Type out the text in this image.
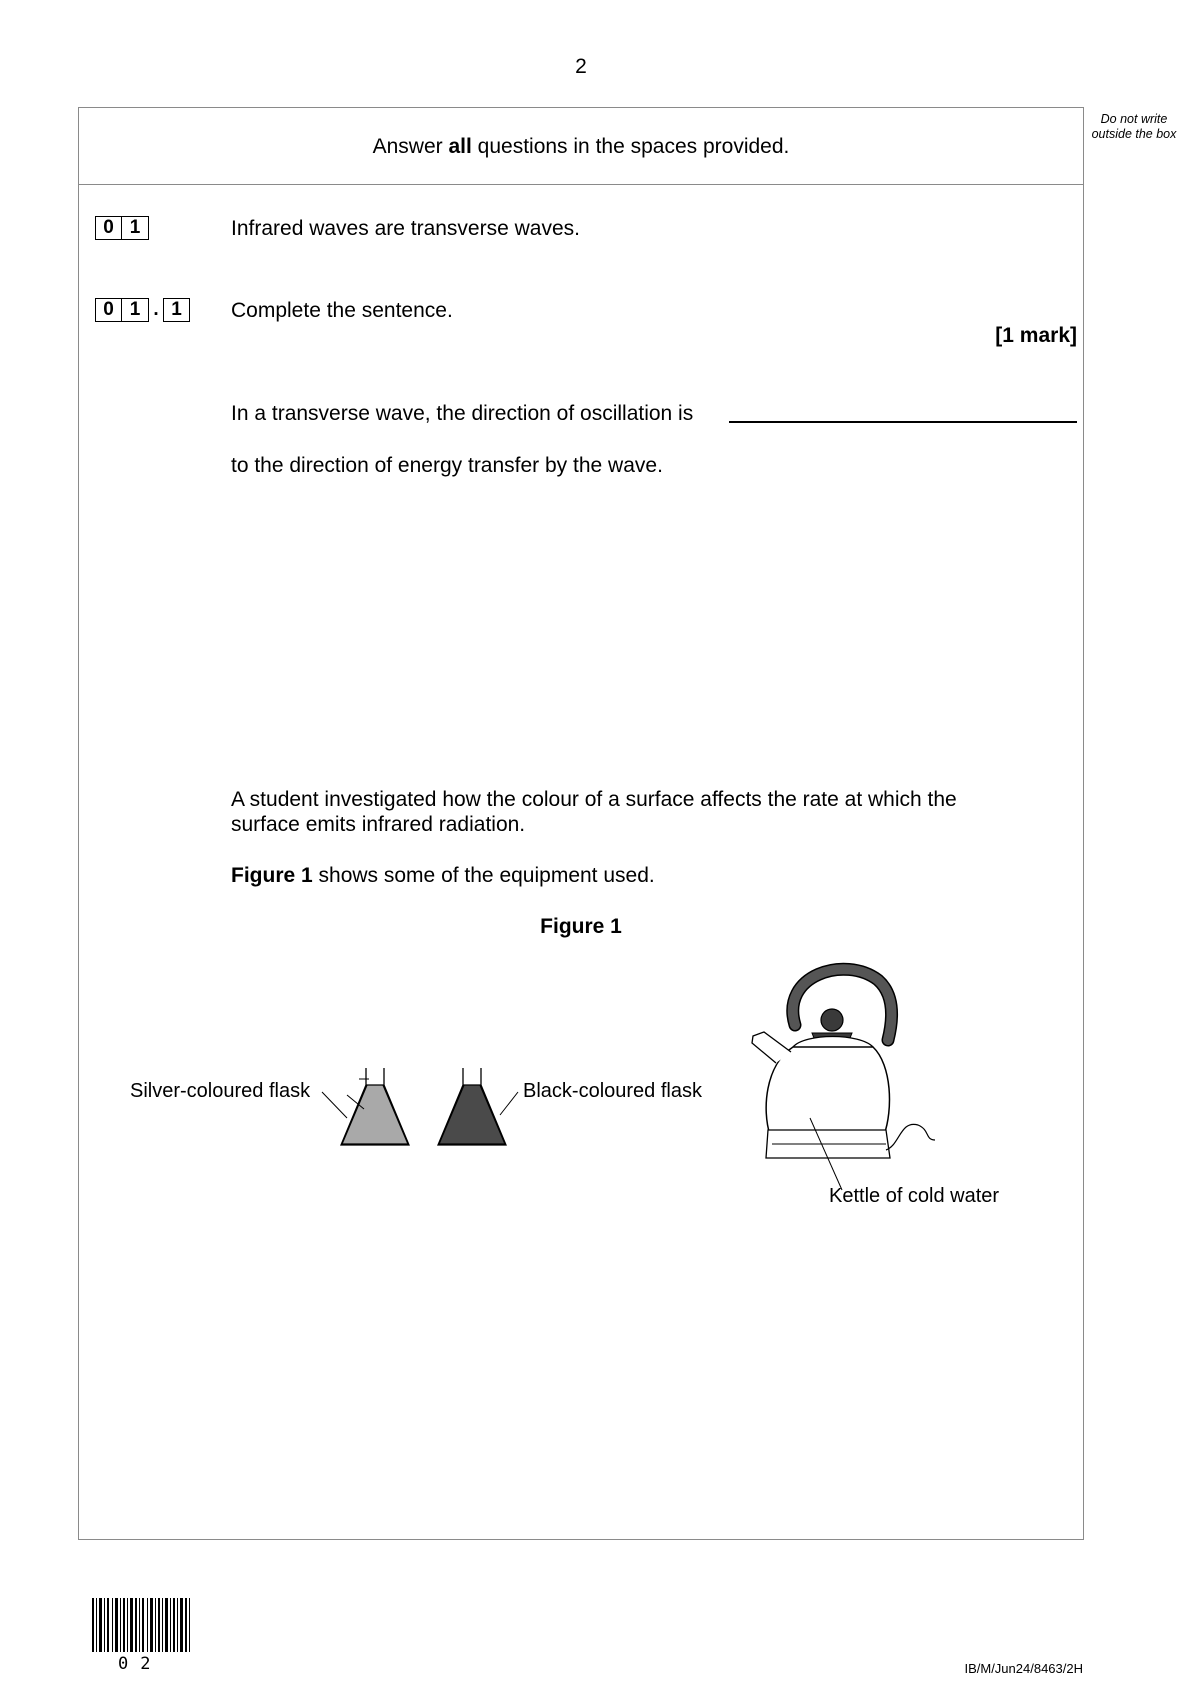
2
Do not write outside the box
Answer all questions in the spaces provided.
0 1	Infrared waves are transverse waves.
0 1 . 1	Complete the sentence.
[1 mark]
In a transverse wave, the direction of oscillation is
to the direction of energy transfer by the wave.
A student investigated how the colour of a surface affects the rate at which the
surface emits infrared radiation.
Figure 1 shows some of the equipment used.
Figure 1
Silver-coloured flask	Black-coloured flask
Kettle of cold water
02	IB/M/Jun24/8463/2H
